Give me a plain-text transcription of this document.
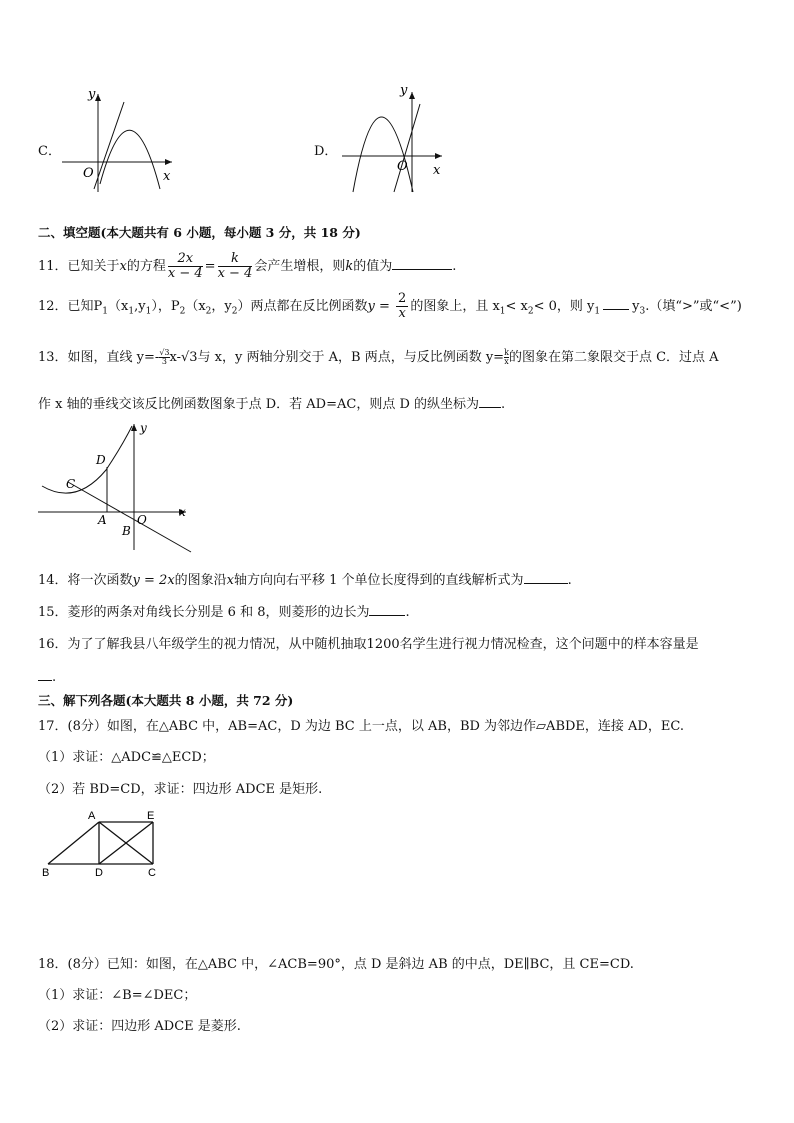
C．
y
x
O
D．
y
x
O
二、填空题(本大题共有 6 小题，每小题 3 分，共 18 分)
11．已知关于x的方程 $\frac{2x}{x - 4} = \frac{k}{x - 4}$ 会产生增根，则k的值为	.
12．已知$P_1(x_1,y_1)$，$P_2(x_2$，$y_2$）两点都在反比例函数$y = \frac{2}{x}$ 的图象上，且 $x_1< x_2< 0$，则 $y_1$ $y_3$.（填“>”或“<”)
13．如图，直线 $y=- \frac{√3}{3} x-√3$与 x，y 两轴分别交于 A，B 两点，与反比例函数 $y= \frac{k}{x}$ 的图象在第二象限交于点 C．过点 A
作 x 轴的垂线交该反比例函数图象于点 D．若 AD=AC，则点 D 的纵坐标为 .
y
x
D
C
A	O
B
14．将一次函数y = 2x的图象沿x轴方向向右平移 1 个单位长度得到的直线解析式为	.
15．菱形的两条对角线长分别是 6 和 8，则菱形的边长为	.
16．为了了解我县八年级学生的视力情况，从中随机抽取1200名学生进行视力情况检查，这个问题中的样本容量是
.
三、解下列各题(本大题共 8 小题，共 72 分)
17．(8分）如图，在△ABC 中，AB=AC，D 为边 BC 上一点，以 AB，BD 为邻边作▱ABDE，连接 AD，EC.
（1）求证：△ADC≌△ECD；
（2）若 BD=CD，求证：四边形 ADCE 是矩形.
A	E
B	D	C
18．(8分）已知：如图，在△ABC 中，∠ACB=90°，点 D 是斜边 AB 的中点，DE∥BC，且 CE=CD.
（1）求证：∠B=∠DEC；
（2）求证：四边形 ADCE 是菱形.
